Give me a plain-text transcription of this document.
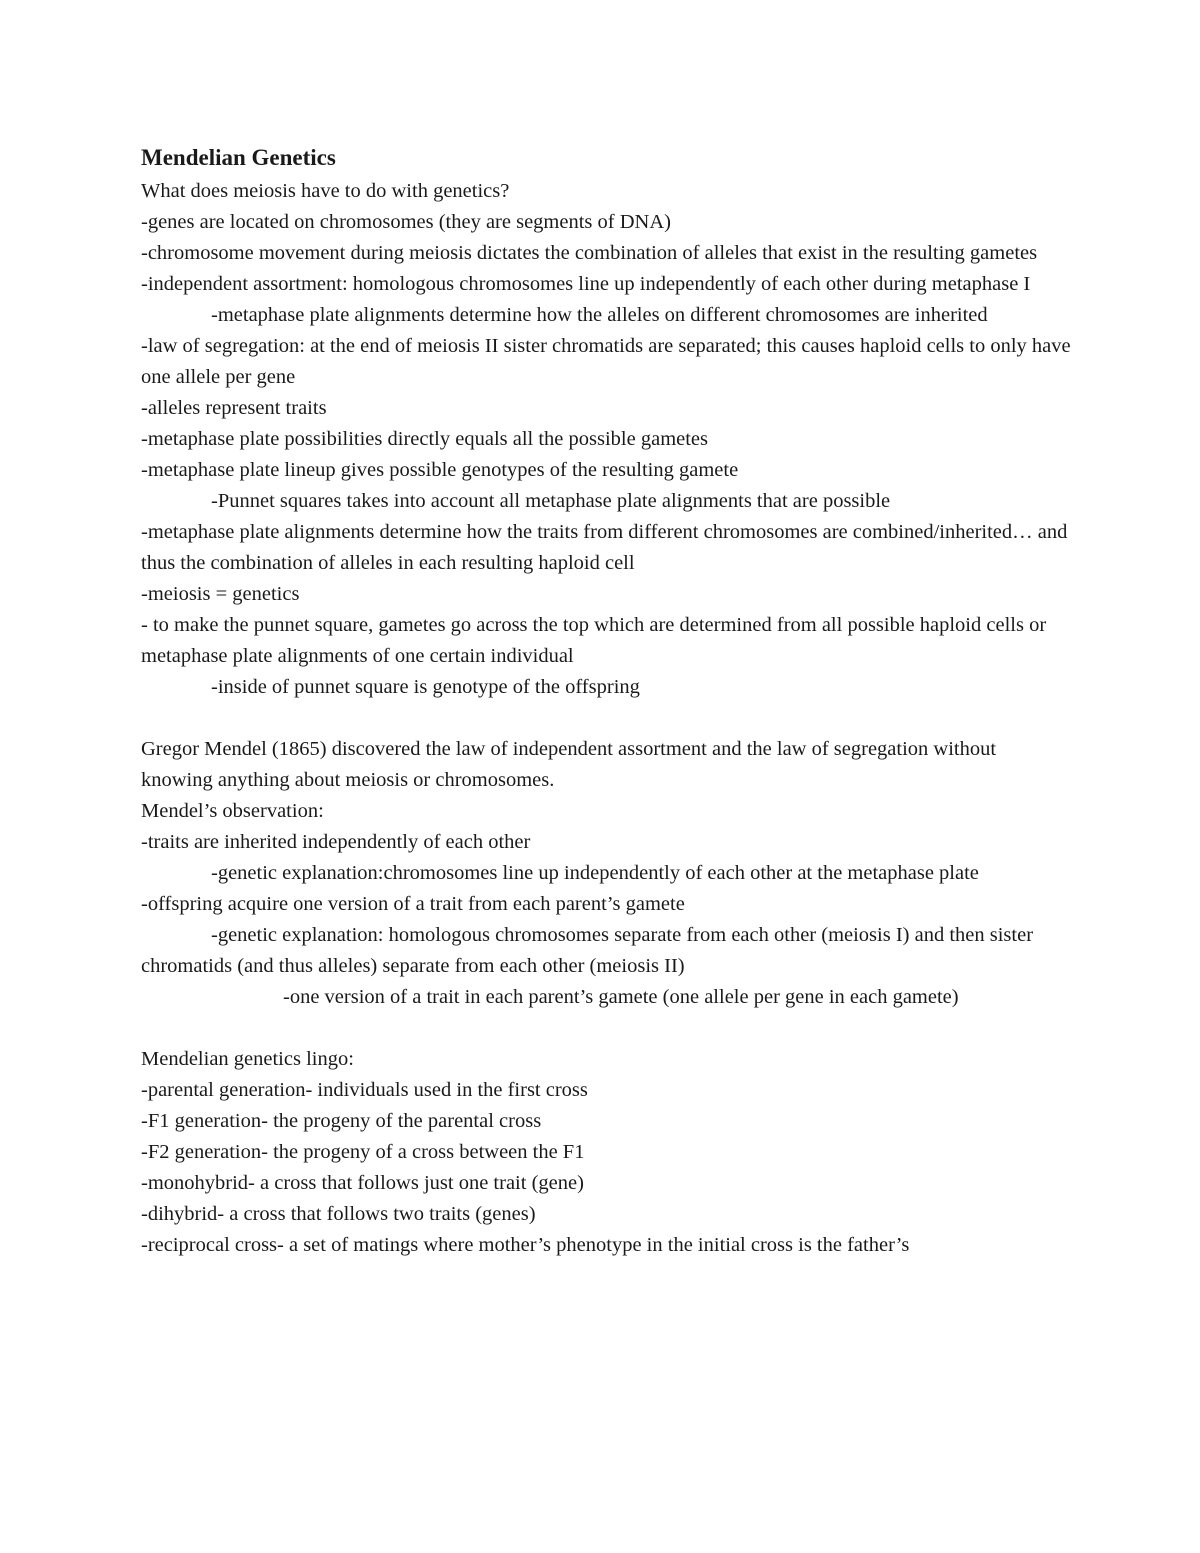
Mendelian Genetics

What does meiosis have to do with genetics?

-genes are located on chromosomes (they are segments of DNA)

-chromosome movement during meiosis dictates the combination of alleles that exist in the resulting gametes

-independent assortment: homologous chromosomes line up independently of each other during metaphase I

-metaphase plate alignments determine how the alleles on different chromosomes are inherited

-law of segregation: at the end of meiosis II sister chromatids are separated; this causes haploid cells to only have one allele per gene

-alleles represent traits

-metaphase plate possibilities directly equals all the possible gametes

-metaphase plate lineup gives possible genotypes of the resulting gamete

-Punnet squares takes into account all metaphase plate alignments that are possible

-metaphase plate alignments determine how the traits from different chromosomes are combined/inherited… and thus the combination of alleles in each resulting haploid cell

-meiosis = genetics

- to make the punnet square, gametes go across the top which are determined from all possible haploid cells or metaphase plate alignments of one certain individual

-inside of punnet square is genotype of the offspring

Gregor Mendel (1865) discovered the law of independent assortment and the law of segregation without knowing anything about meiosis or chromosomes.

Mendel’s observation:

-traits are inherited independently of each other

-genetic explanation:chromosomes line up independently of each other at the metaphase plate

-offspring acquire one version of a trait from each parent’s gamete

-genetic explanation: homologous chromosomes separate from each other (meiosis I) and then sister chromatids (and thus alleles) separate from each other (meiosis II)

-one version of a trait in each parent’s gamete (one allele per gene in each gamete)

Mendelian genetics lingo:

-parental generation- individuals used in the first cross

-F1 generation- the progeny of the parental cross

-F2 generation- the progeny of a cross between the F1

-monohybrid- a cross that follows just one trait (gene)

-dihybrid- a cross that follows two traits (genes)

-reciprocal cross- a set of matings where mother’s phenotype in the initial cross is the father’s
